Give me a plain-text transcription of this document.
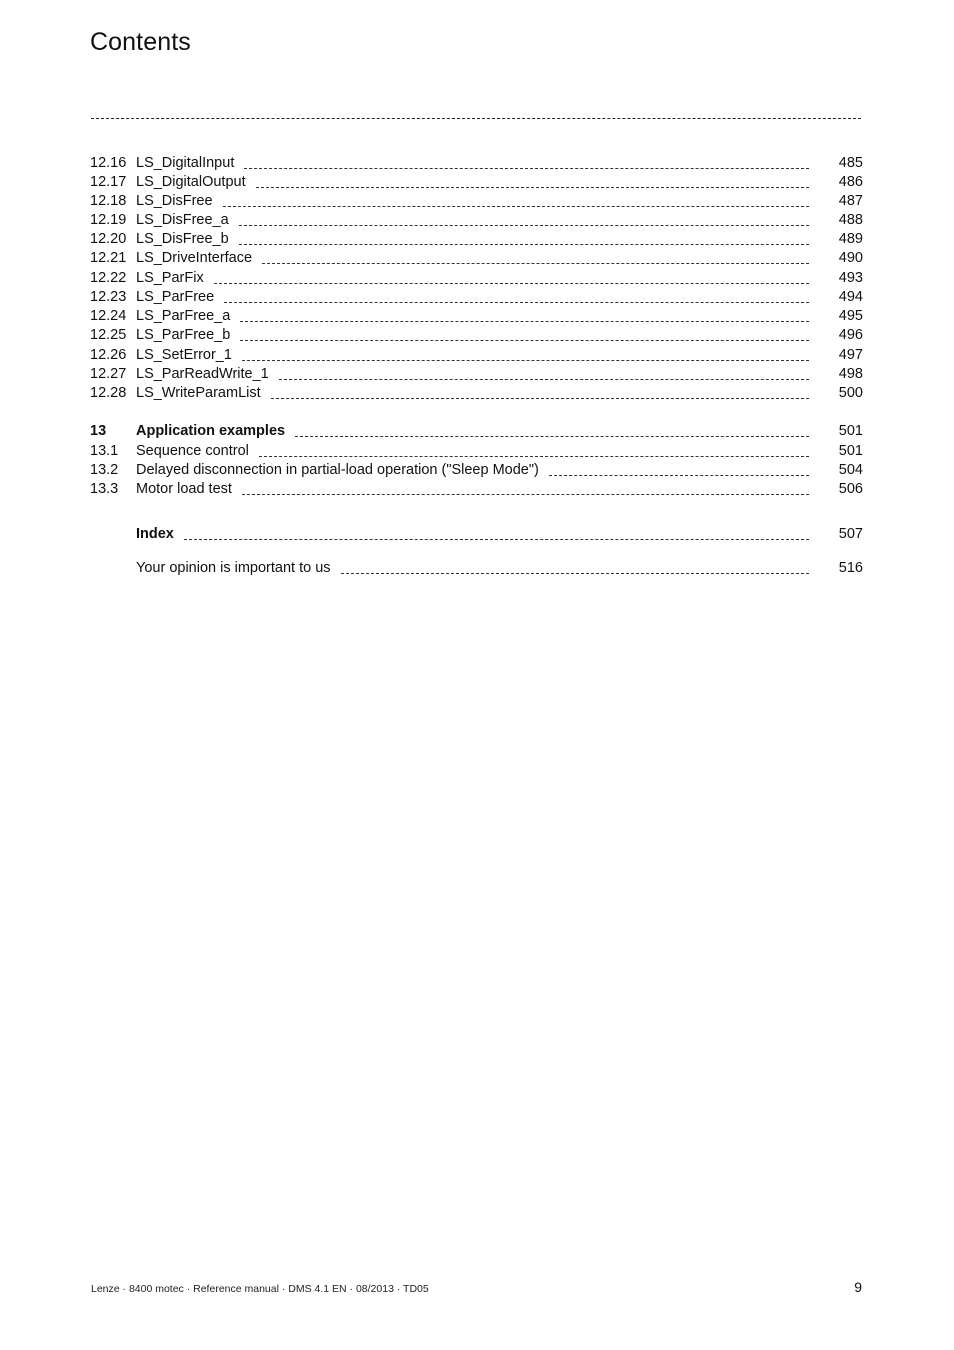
Contents
12.16 LS_DigitalInput	485
12.17 LS_DigitalOutput	486
12.18 LS_DisFree	487
12.19 LS_DisFree_a	488
12.20 LS_DisFree_b	489
12.21 LS_DriveInterface	490
12.22 LS_ParFix	493
12.23 LS_ParFree	494
12.24 LS_ParFree_a	495
12.25 LS_ParFree_b	496
12.26 LS_SetError_1	497
12.27 LS_ParReadWrite_1	498
12.28 LS_WriteParamList	500
13	Application examples	501
13.1	Sequence control	501
13.2	Delayed disconnection in partial-load operation ("Sleep Mode")	504
13.3	Motor load test	506
Index	507
Your opinion is important to us	516
Lenze · 8400 motec · Reference manual · DMS 4.1 EN · 08/2013 · TD05	9
